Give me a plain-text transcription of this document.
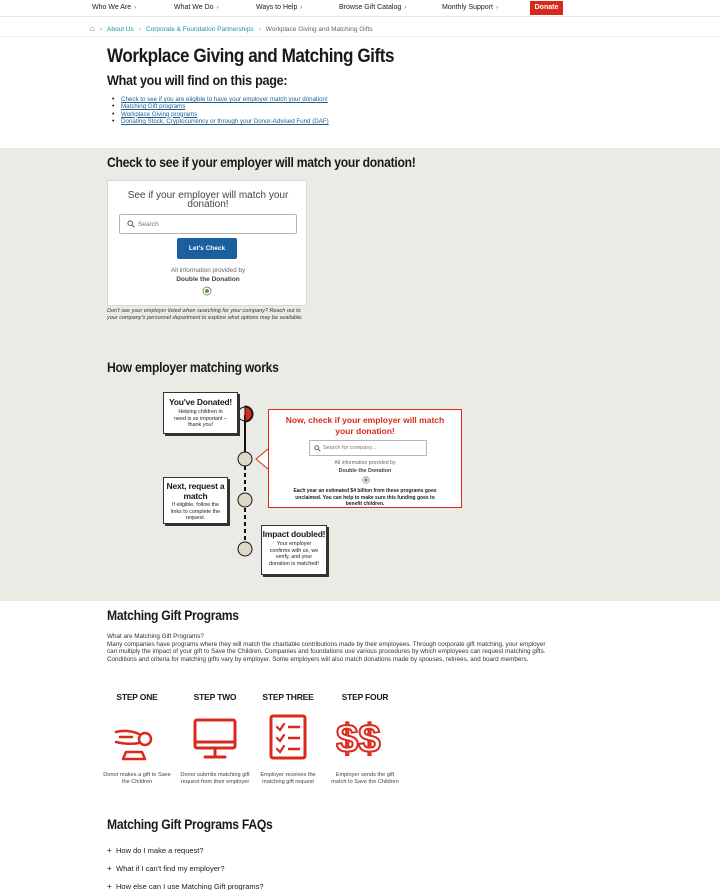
Who We Are ›	What We Do ›	Ways to Help ›	Browse Gift Catalog ›	Monthly Support ›	Donate
⌂ › About Us › Corporate & Foundation Partnerships › Workplace Giving and Matching Gifts
Workplace Giving and Matching Gifts
What you will find on this page:
• Check to see if you are eligible to have your employer match your donation!
• Matching Gift programs
• Workplace Giving programs
• Donating Stock, Cryptocurrency or through your Donor-Advised Fund (DAF)
Check to see if your employer will match your donation!
See if your employer will match your donation!
Search
Let's Check
All information provided by
Double the Donation
Don't see your employer listed when searching for your company? Reach out to your company's personnel department to explore what options may be available.
How employer matching works
You've Donated!
Helping children in need is so important – thank you!	Now, check if your employer will match your donation!
Search for company...
All information provided by
Double the Donation
Each year an estimated $4 billion from these programs goes unclaimed. You can help to make sure this funding goes to benefit children.
Next, request a match
If eligible, follow the links to complete the request.
Impact doubled!
Your employer confirms with us, we verify, and your donation is matched!
Matching Gift Programs
What are Matching Gift Programs?
Many companies have programs where they will match the charitable contributions made by their employees. Through corporate gift matching, your employer can multiply the impact of your gift to Save the Children. Companies and foundations use various procedures by which employees can request matching gifts. Conditions and criteria for matching gifts vary by employer. Some employers will also match donations made by spouses, retirees, and board members.
STEP ONE
Donor makes a gift to Save the Children
STEP TWO
Donor submits matching gift request from their employer
STEP THREE
Employer receives the matching gift request
STEP FOUR
$$
Employer sends the gift match to Save the Children
Matching Gift Programs FAQs
+ How do I make a request?
+ What if I can't find my employer?
+ How else can I use Matching Gift programs?
